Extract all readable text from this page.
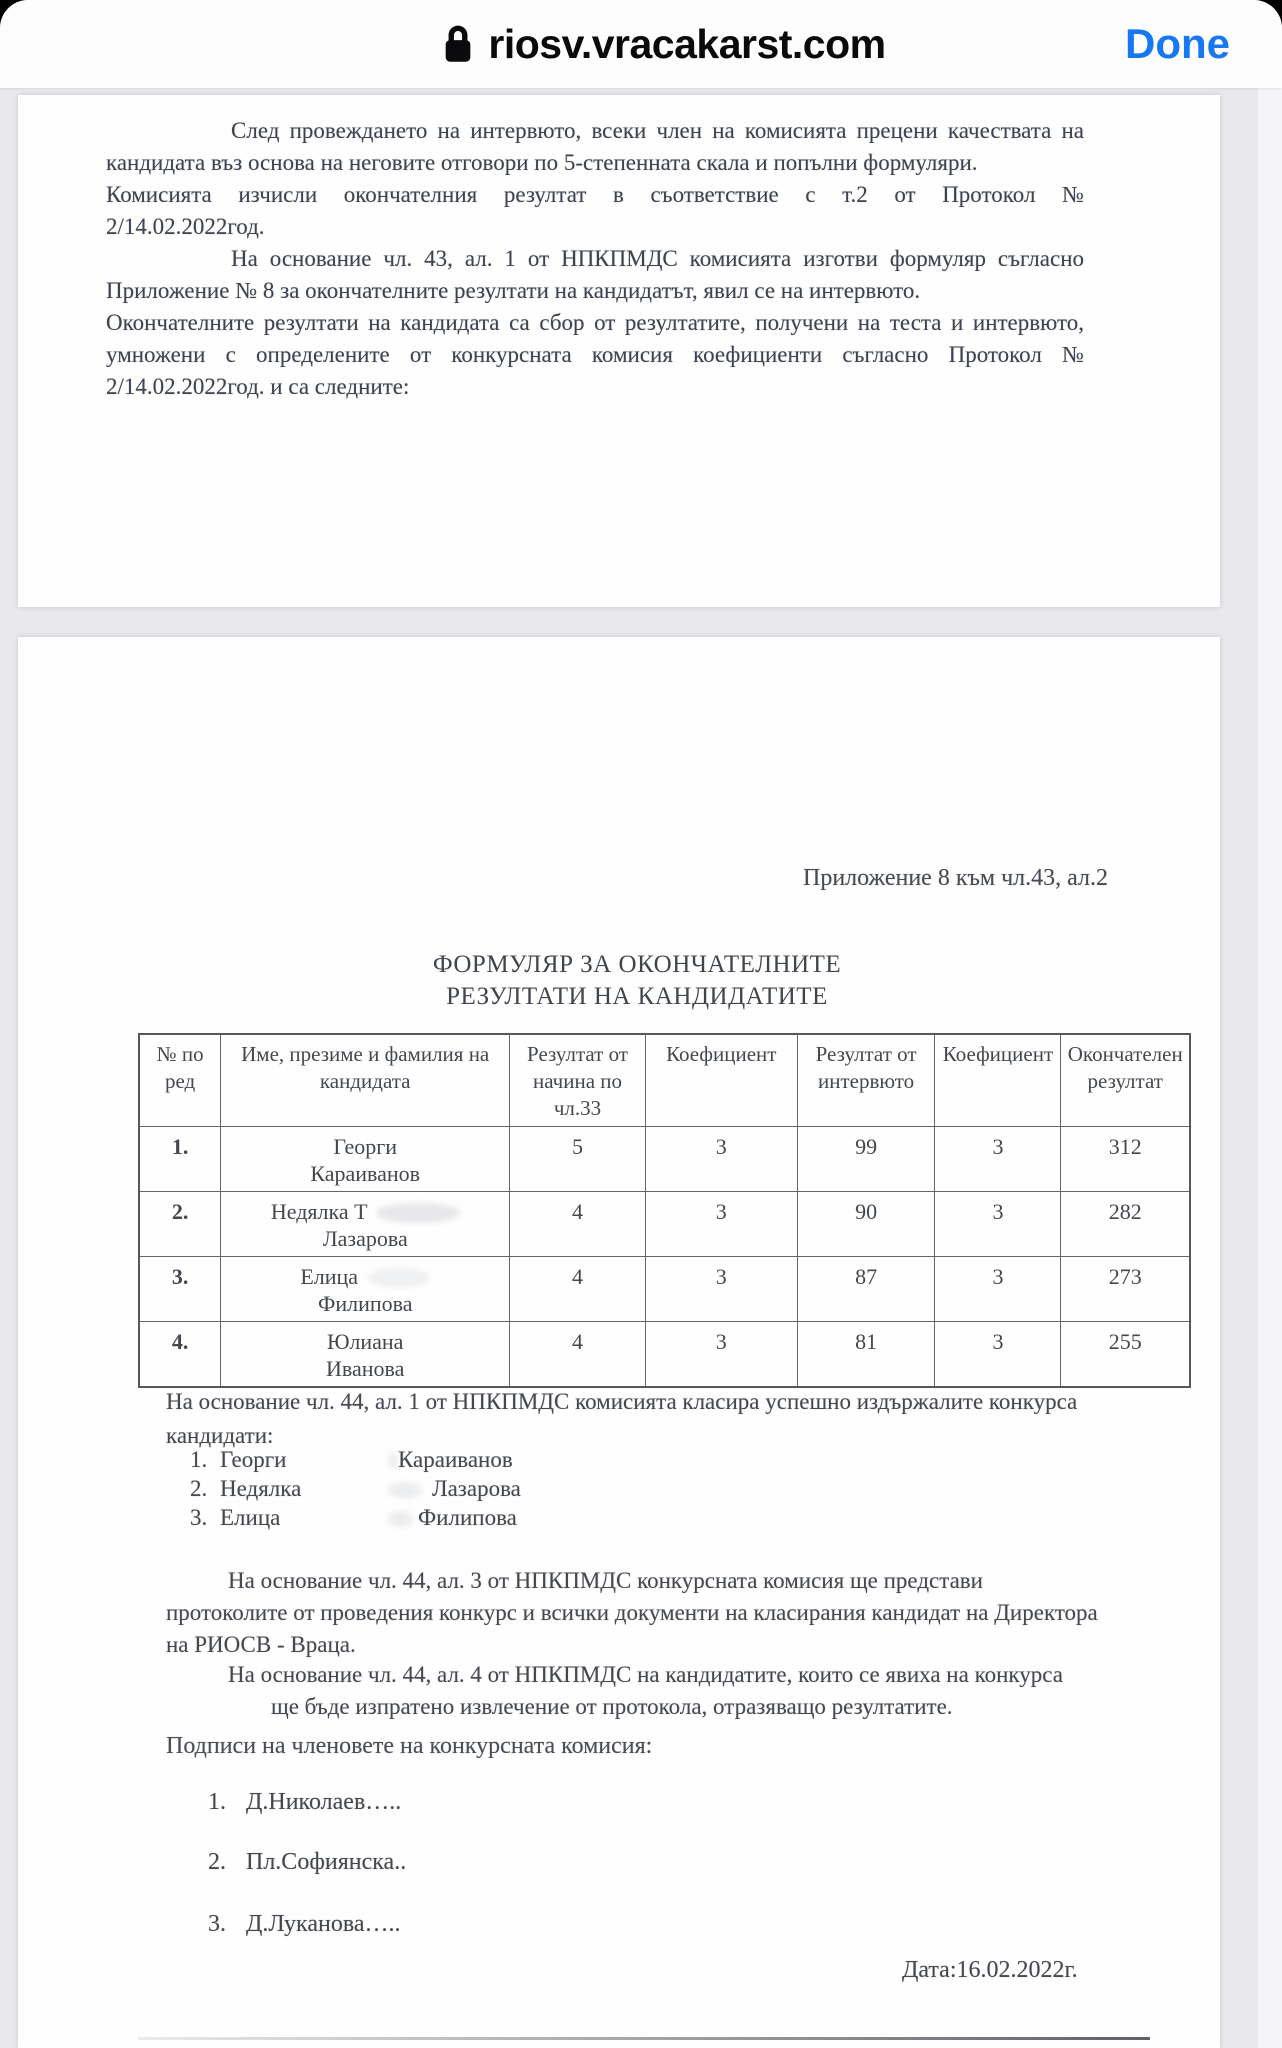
riosv.vracakarst.com	Done
След провеждането на интервюто, всеки член на комисията прецени качествата на
кандидата въз основа на неговите отговори по 5-степенната скала и попълни формуляри.
Комисията изчисли окончателния резултат в съответствие с т.2 от Протокол №
2/14.02.2022год.
На основание чл. 43, ал. 1 от НПКПМДС комисията изготви формуляр съгласно
Приложение № 8 за окончателните резултати на кандидатът, явил се на интервюто.
Окончателните резултати на кандидата са сбор от резултатите, получени на теста и интервюто,
умножени с определените от конкурсната комисия коефициенти съгласно Протокол №
2/14.02.2022год. и са следните:
Приложение 8 към чл.43, ал.2
ФОРМУЛЯР ЗА ОКОНЧАТЕЛНИТЕ
РЕЗУЛТАТИ НА КАНДИДАТИТЕ
№ по ред	Име, презиме и фамилия на кандидата	Резултат от начина по чл.33	Коефициент	Резултат от интервюто	Коефициент	Окончателен резултат
1.	Георги
Караиванов	5	3	99	3	312
2.	Недялка Т
Лазарова	4	3	90	3	282
3.	Елица
Филипова	4	3	87	3	273
4.	Юлиана
Иванова	4	3	81	3	255
На основание чл. 44, ал. 1 от НПКПМДС комисията класира успешно издържалите конкурса
кандидати:
1. Георги	Караиванов
2. Недялка	Лазарова
3. Елица	Филипова
На основание чл. 44, ал. 3 от НПКПМДС конкурсната комисия ще представи
протоколите от проведения конкурс и всички документи на класирания кандидат на Директора
на РИОСВ - Враца.
На основание чл. 44, ал. 4 от НПКПМДС на кандидатите, които се явиха на конкурса
ще бъде изпратено извлечение от протокола, отразяващо резултатите.
Подписи на членовете на конкурсната комисия:
1. Д.Николаев…..
2. Пл.Софиянска..
3. Д.Луканова…..
Дата:16.02.2022г.
